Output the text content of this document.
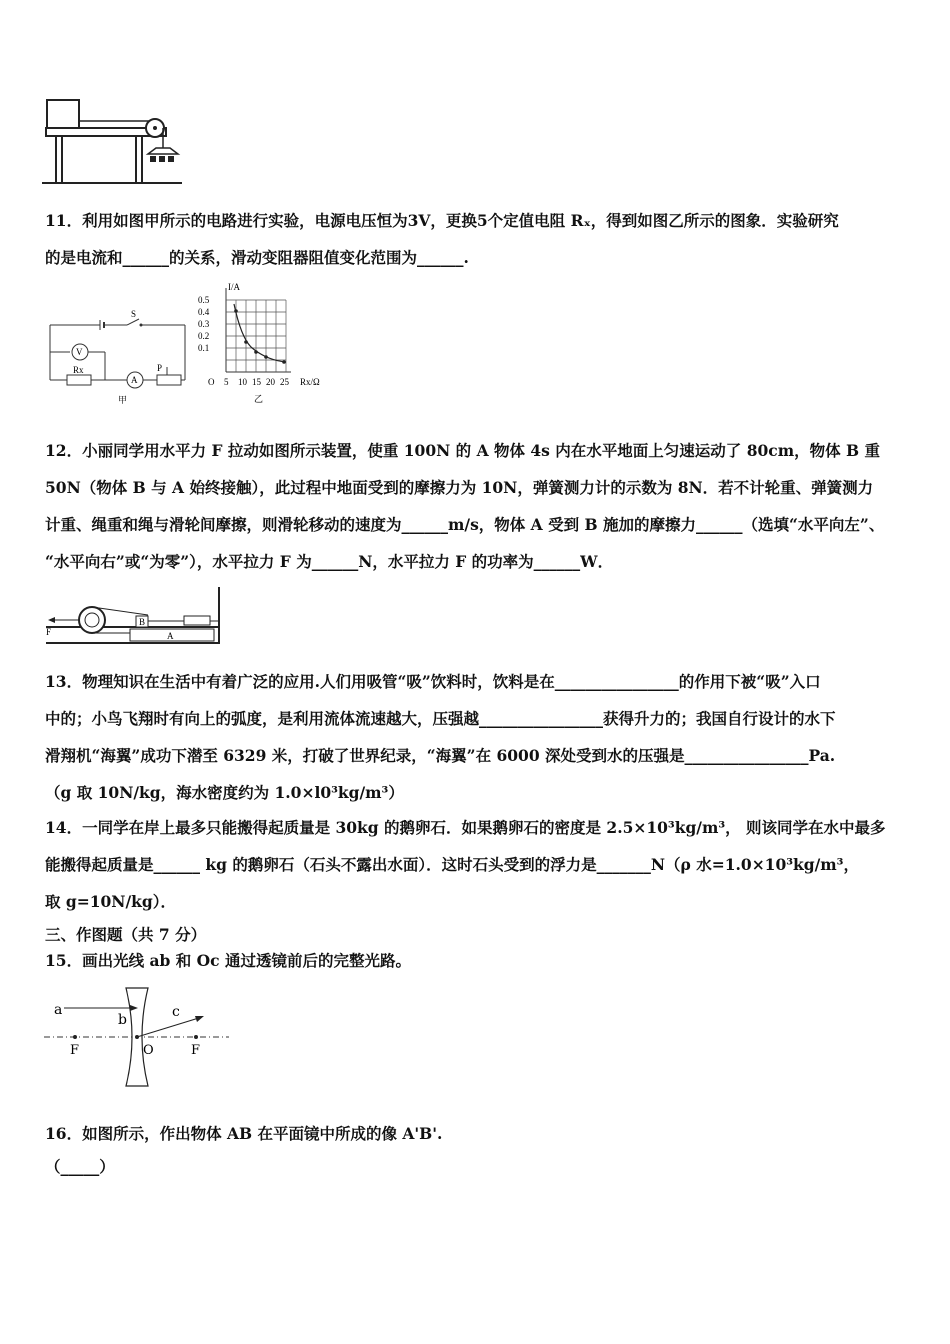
11．利用如图甲所示的电路进行实验，电源电压恒为3V，更换5个定值电阻 Rₓ，得到如图乙所示的图象．实验研究
的是电流和______的关系，滑动变阻器阻值变化范围为______.
S
V
Rx
A
P
甲
I/A
0.5
0.4
0.3
0.2
0.1
O 5 10 15 20 25 Rx/Ω
乙
12．小丽同学用水平力 F 拉动如图所示装置，使重 100N 的 A 物体 4s 内在水平地面上匀速运动了 80cm，物体 B 重
50N（物体 B 与 A 始终接触），此过程中地面受到的摩擦力为 10N，弹簧测力计的示数为 8N．若不计轮重、弹簧测力
计重、绳重和绳与滑轮间摩擦，则滑轮移动的速度为______m/s，物体 A 受到 B 施加的摩擦力______（选填“水平向左”、
“水平向右”或“为零”），水平拉力 F 为______N，水平拉力 F 的功率为______W．
A
B
F
13．物理知识在生活中有着广泛的应用.人们用吸管“吸”饮料时，饮料是在________________的作用下被“吸”入口
中的；小鸟飞翔时有向上的弧度，是利用流体流速越大，压强越________________获得升力的；我国自行设计的水下
滑翔机“海翼”成功下潜至 6329 米，打破了世界纪录，“海翼”在 6000 深处受到水的压强是________________Pa.
（g 取 10N/kg，海水密度约为 1.0×l0³kg/m³）
14．一同学在岸上最多只能搬得起质量是 30kg 的鹅卵石．如果鹅卵石的密度是 2.5×10³kg/m³， 则该同学在水中最多
能搬得起质量是______ kg 的鹅卵石（石头不露出水面）．这时石头受到的浮力是_______N（ρ 水=1.0×10³kg/m³，
取 g=10N/kg）．
三、作图题（共 7 分）
15．画出光线 ab 和 Oc 通过透镜前后的完整光路。
a
b	c
F	O	F
16．如图所示，作出物体 AB 在平面镜中所成的像 A'B'.
（_____）
